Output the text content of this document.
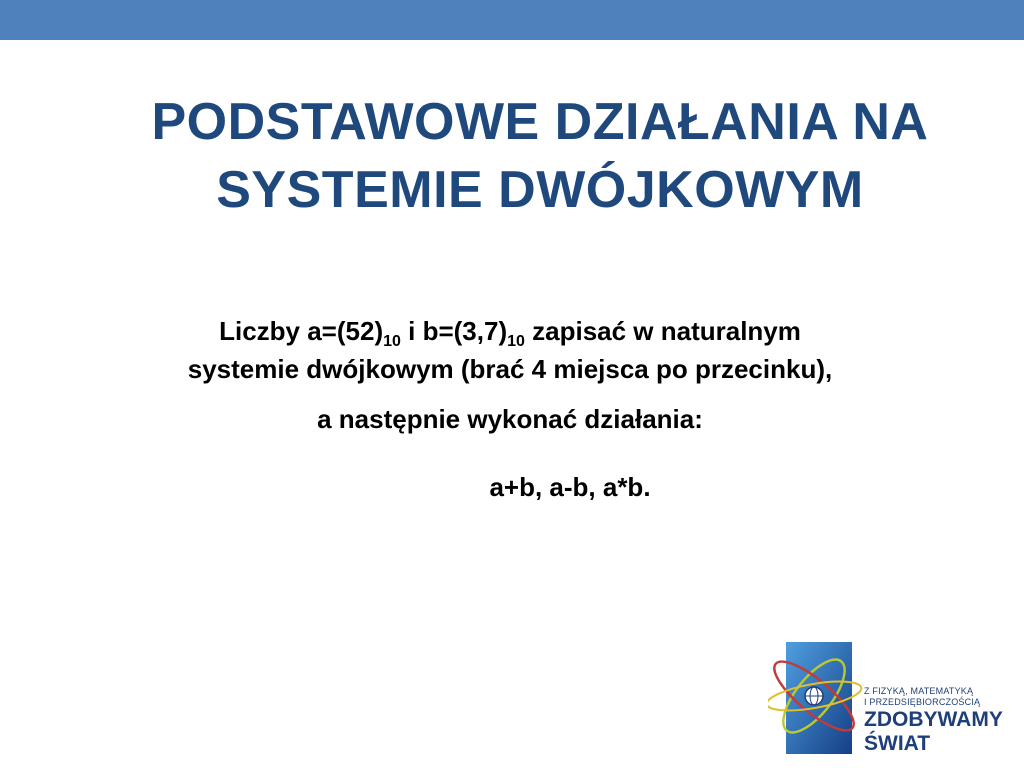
PODSTAWOWE DZIAŁANIA NA
SYSTEMIE DWÓJKOWYM

Liczby $a=(52)_{10}$ i $b=(3,7)_{10}$ zapisać w naturalnym

systemie dwójkowym (brać 4 miejsca po przecinku),

a następnie wykonać działania:

a+b, a-b, a*b.

Z FIZYKĄ, MATEMATYKĄ
I PRZEDSIĘBIORCZOŚCIĄ
ZDOBYWAMY
ŚWIAT
